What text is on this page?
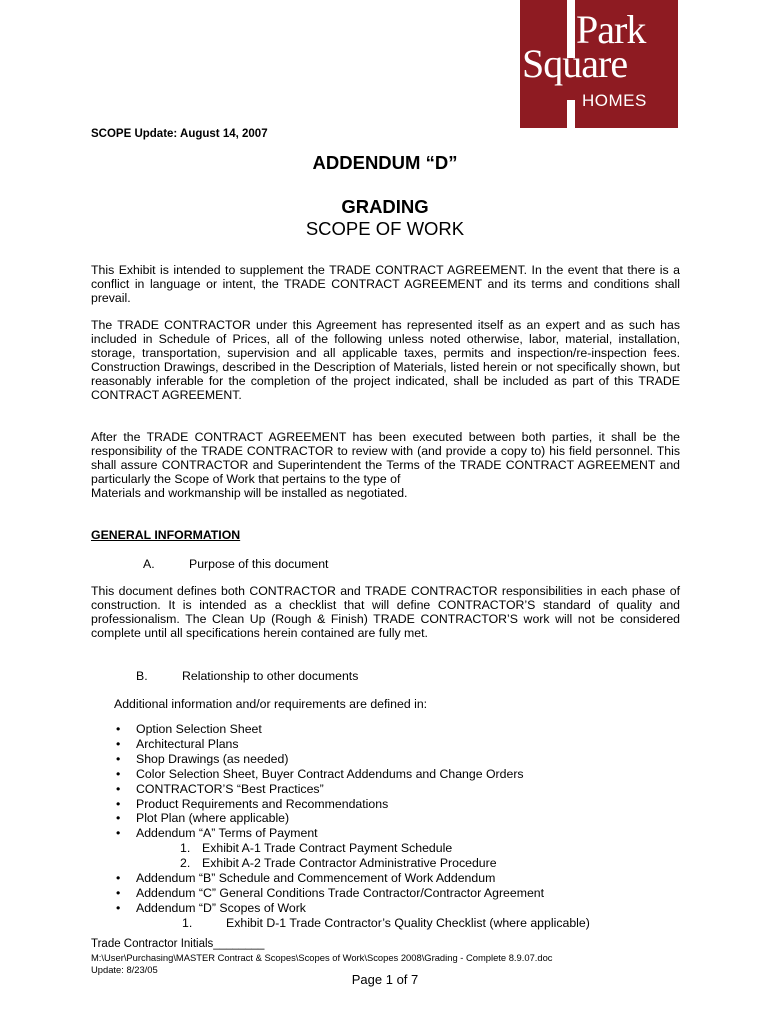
Park
Square
HOMES
SCOPE Update: August 14, 2007
ADDENDUM “D”
GRADING
SCOPE OF WORK
This Exhibit is intended to supplement the TRADE CONTRACT AGREEMENT. In the event that there is a conflict in language or intent, the TRADE CONTRACT AGREEMENT and its terms and conditions shall prevail.
The TRADE CONTRACTOR under this Agreement has represented itself as an expert and as such has included in Schedule of Prices, all of the following unless noted otherwise, labor, material, installation, storage, transportation, supervision and all applicable taxes, permits and inspection/re-inspection fees. Construction Drawings, described in the Description of Materials, listed herein or not specifically shown, but reasonably inferable for the completion of the project indicated, shall be included as part of this TRADE CONTRACT AGREEMENT.
After the TRADE CONTRACT AGREEMENT has been executed between both parties, it shall be the responsibility of the TRADE CONTRACTOR to review with (and provide a copy to) his field personnel. This shall assure CONTRACTOR and Superintendent the Terms of the TRADE CONTRACT AGREEMENT and particularly the Scope of Work that pertains to the type of
Materials and workmanship will be installed as negotiated.
GENERAL INFORMATION
A.	Purpose of this document
This document defines both CONTRACTOR and TRADE CONTRACTOR responsibilities in each phase of construction. It is intended as a checklist that will define CONTRACTOR’S standard of quality and professionalism. The Clean Up (Rough & Finish) TRADE CONTRACTOR’S work will not be considered complete until all specifications herein contained are fully met.
B.	Relationship to other documents
Additional information and/or requirements are defined in:
• Option Selection Sheet
• Architectural Plans
• Shop Drawings (as needed)
• Color Selection Sheet, Buyer Contract Addendums and Change Orders
• CONTRACTOR’S “Best Practices”
• Product Requirements and Recommendations
• Plot Plan (where applicable)
• Addendum “A” Terms of Payment
1. Exhibit A-1 Trade Contract Payment Schedule
2. Exhibit A-2 Trade Contractor Administrative Procedure
• Addendum “B” Schedule and Commencement of Work Addendum
• Addendum “C” General Conditions Trade Contractor/Contractor Agreement
• Addendum “D” Scopes of Work
1.	Exhibit D-1 Trade Contractor’s Quality Checklist (where applicable)
Trade Contractor Initials________
M:\User\Purchasing\MASTER Contract & Scopes\Scopes of Work\Scopes 2008\Grading - Complete 8.9.07.doc
Update: 8/23/05
Page 1 of 7
